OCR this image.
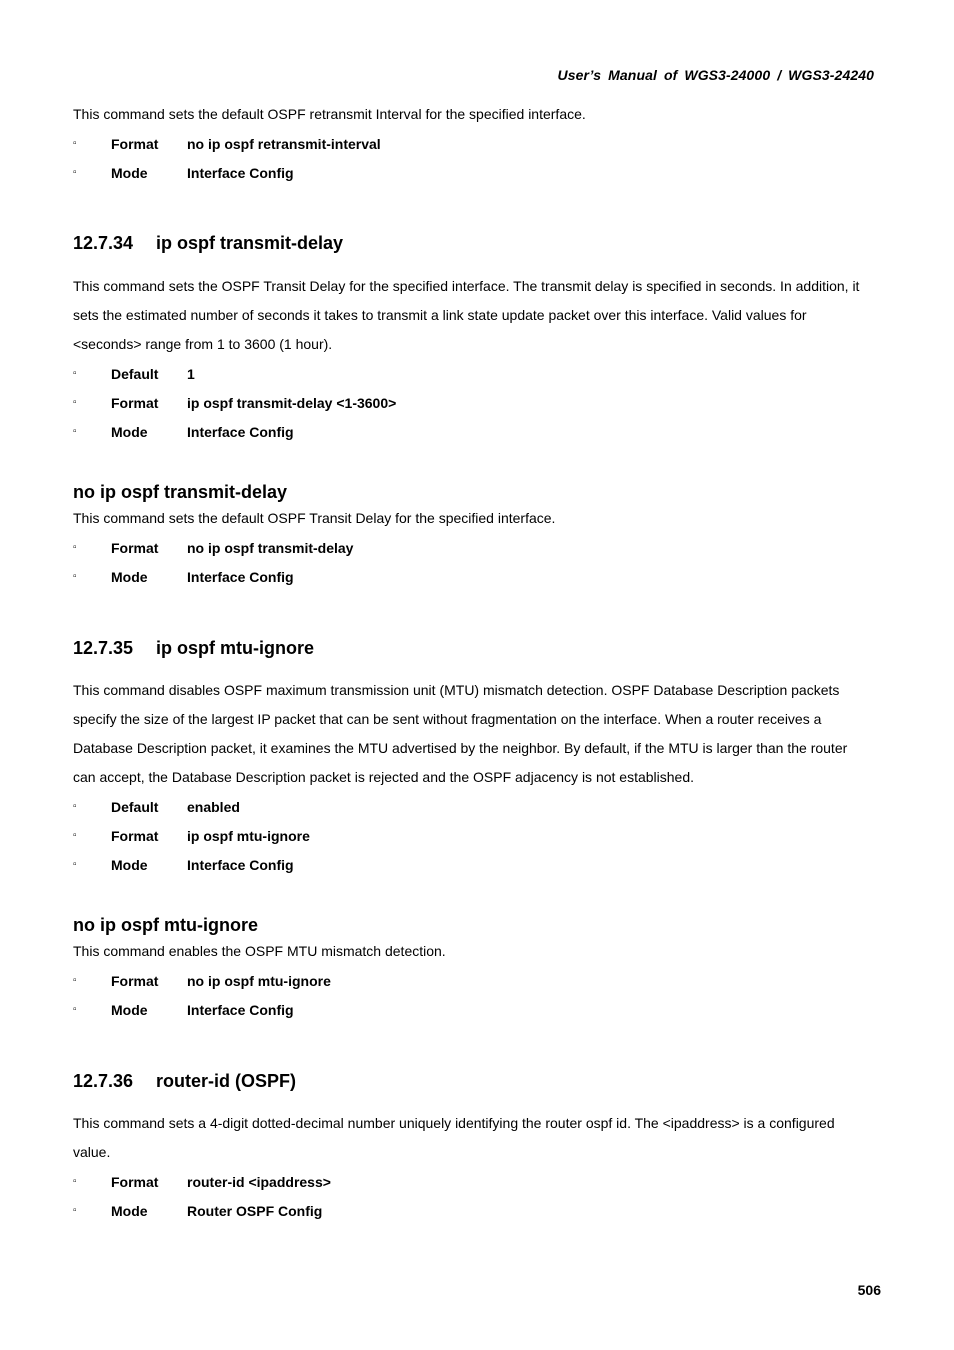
User’s Manual of WGS3-24000 / WGS3-24240

This command sets the default OSPF retransmit Interval for the specified interface.

▫	Format	no ip ospf retransmit-interval
▫	Mode	Interface Config
12.7.34	ip ospf transmit-delay

This command sets the OSPF Transit Delay for the specified interface. The transmit delay is specified in seconds. In addition, it

sets the estimated number of seconds it takes to transmit a link state update packet over this interface. Valid values for

<seconds> range from 1 to 3600 (1 hour).

▫	Default	1
▫	Format	ip ospf transmit-delay <1-3600>
▫	Mode	Interface Config
no ip ospf transmit-delay

This command sets the default OSPF Transit Delay for the specified interface.

▫	Format	no ip ospf transmit-delay
▫	Mode	Interface Config
12.7.35	ip ospf mtu-ignore

This command disables OSPF maximum transmission unit (MTU) mismatch detection. OSPF Database Description packets

specify the size of the largest IP packet that can be sent without fragmentation on the interface. When a router receives a

Database Description packet, it examines the MTU advertised by the neighbor. By default, if the MTU is larger than the router

can accept, the Database Description packet is rejected and the OSPF adjacency is not established.

▫	Default	enabled
▫	Format	ip ospf mtu-ignore
▫	Mode	Interface Config
no ip ospf mtu-ignore

This command enables the OSPF MTU mismatch detection.

▫	Format	no ip ospf mtu-ignore
▫	Mode	Interface Config
12.7.36	router-id (OSPF)

This command sets a 4-digit dotted-decimal number uniquely identifying the router ospf id. The <ipaddress> is a configured

value.

▫	Format	router-id <ipaddress>
▫	Mode	Router OSPF Config
506
